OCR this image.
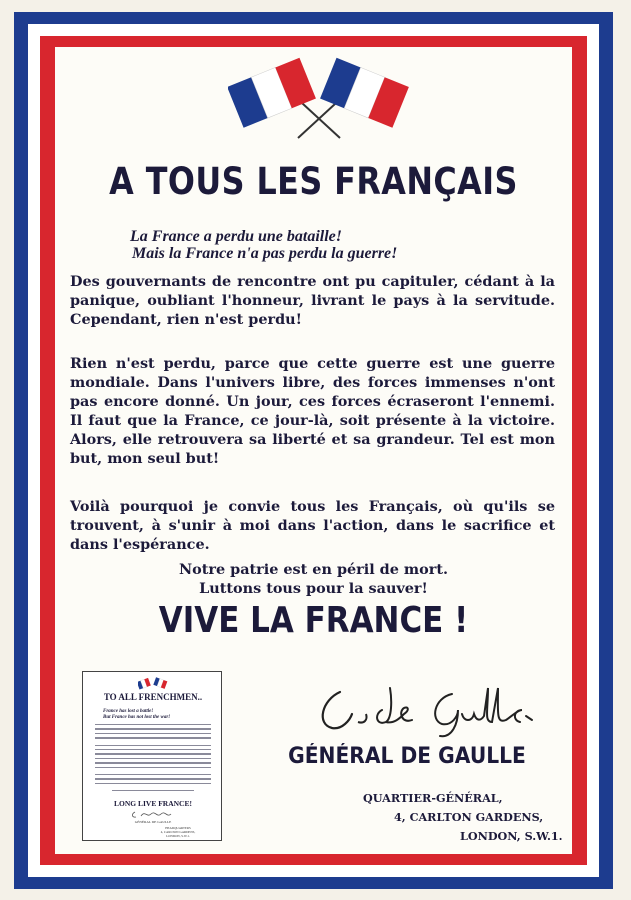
A TOUS LES FRANÇAIS
La France a perdu une bataille!
Mais la France n'a pas perdu la guerre!
Des gouvernants de rencontre ont pu capituler, cédant à la panique, oubliant l'honneur, livrant le pays à la servitude. Cependant, rien n'est perdu!
Rien n'est perdu, parce que cette guerre est une guerre mondiale. Dans l'univers libre, des forces immenses n'ont pas encore donné. Un jour, ces forces écraseront l'ennemi. Il faut que la France, ce jour-là, soit présente à la victoire. Alors, elle retrouvera sa liberté et sa grandeur. Tel est mon but, mon seul but!
Voilà pourquoi je convie tous les Français, où qu'ils se trouvent, à s'unir à moi dans l'action, dans le sacrifice et dans l'espérance.
Notre patrie est en péril de mort.
Luttons tous pour la sauver!
VIVE LA FRANCE !
GÉNÉRAL DE GAULLE
QUARTIER-GÉNÉRAL,
4, CARLTON GARDENS,
LONDON, S.W.1.
TO ALL FRENCHMEN..
France has lost a battle!
But France has not lost the war!
LONG LIVE FRANCE!
GÉNÉRAL DE GAULLE
HEADQUARTERS
4, CARLTON GARDENS,
LONDON, S.W.1.
